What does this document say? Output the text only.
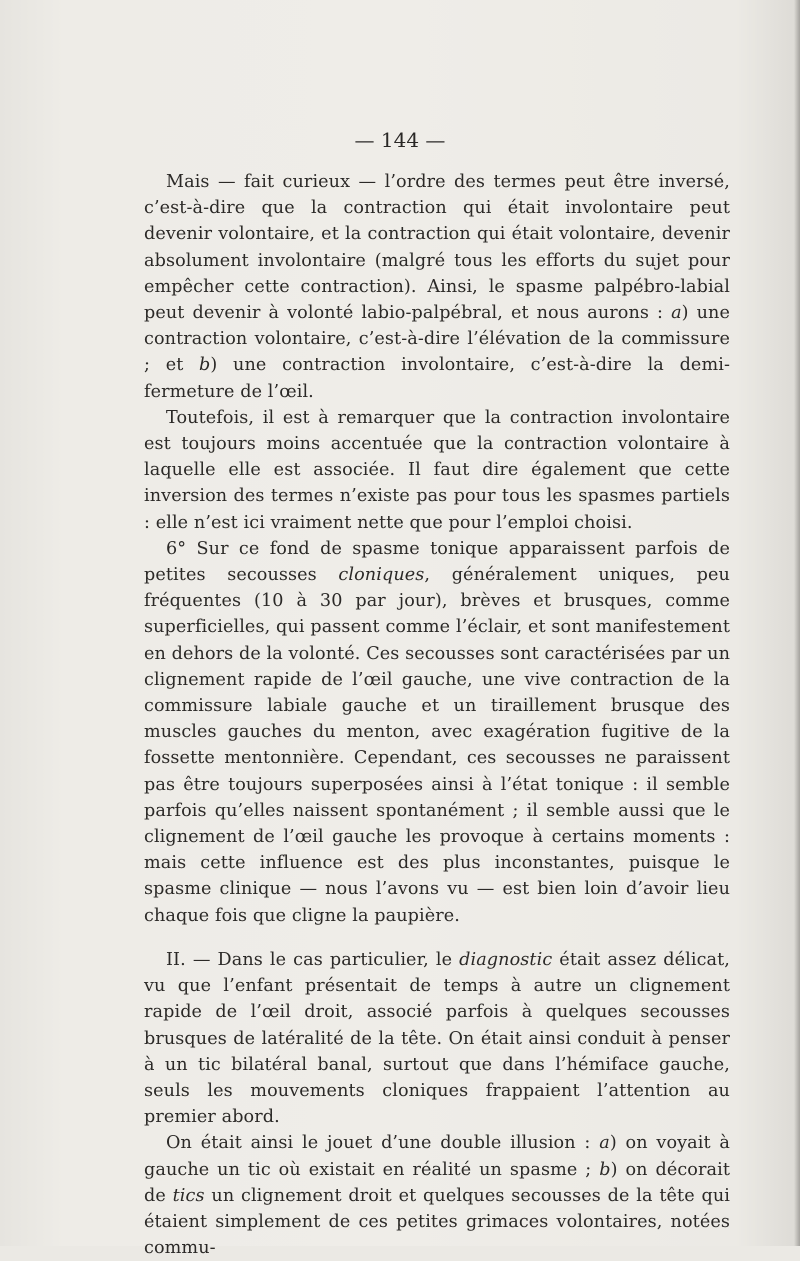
— 144 —

Mais — fait curieux — l’ordre des termes peut être inversé, c’est-à-dire que la contraction qui était involontaire peut devenir volontaire, et la contraction qui était volontaire, devenir absolument involontaire (malgré tous les efforts du sujet pour empêcher cette contraction). Ainsi, le spasme palpébro-labial peut devenir à volonté labio-palpébral, et nous aurons : a) une contraction volontaire, c’est-à-dire l’élévation de la commissure ; et b) une contraction involontaire, c’est-à-dire la demi-fermeture de l’œil.

Toutefois, il est à remarquer que la contraction involontaire est toujours moins accentuée que la contraction volontaire à laquelle elle est associée. Il faut dire également que cette inversion des termes n’existe pas pour tous les spasmes partiels : elle n’est ici vraiment nette que pour l’emploi choisi.

6° Sur ce fond de spasme tonique apparaissent parfois de petites secousses cloniques, généralement uniques, peu fréquentes (10 à 30 par jour), brèves et brusques, comme superficielles, qui passent comme l’éclair, et sont manifestement en dehors de la volonté. Ces secousses sont caractérisées par un clignement rapide de l’œil gauche, une vive contraction de la commissure labiale gauche et un tiraillement brusque des muscles gauches du menton, avec exagération fugitive de la fossette mentonnière. Cependant, ces secousses ne paraissent pas être toujours superposées ainsi à l’état tonique : il semble parfois qu’elles naissent spontanément ; il semble aussi que le clignement de l’œil gauche les provoque à certains moments : mais cette influence est des plus inconstantes, puisque le spasme clinique — nous l’avons vu — est bien loin d’avoir lieu chaque fois que cligne la paupière.

II. — Dans le cas particulier, le diagnostic était assez délicat, vu que l’enfant présentait de temps à autre un clignement rapide de l’œil droit, associé parfois à quelques secousses brusques de latéralité de la tête. On était ainsi conduit à penser à un tic bilatéral banal, surtout que dans l’hémiface gauche, seuls les mouvements cloniques frappaient l’attention au premier abord.

On était ainsi le jouet d’une double illusion : a) on voyait à gauche un tic où existait en réalité un spasme ; b) on décorait de tics un clignement droit et quelques secousses de la tête qui étaient simplement de ces petites grimaces volontaires, notées commu-
